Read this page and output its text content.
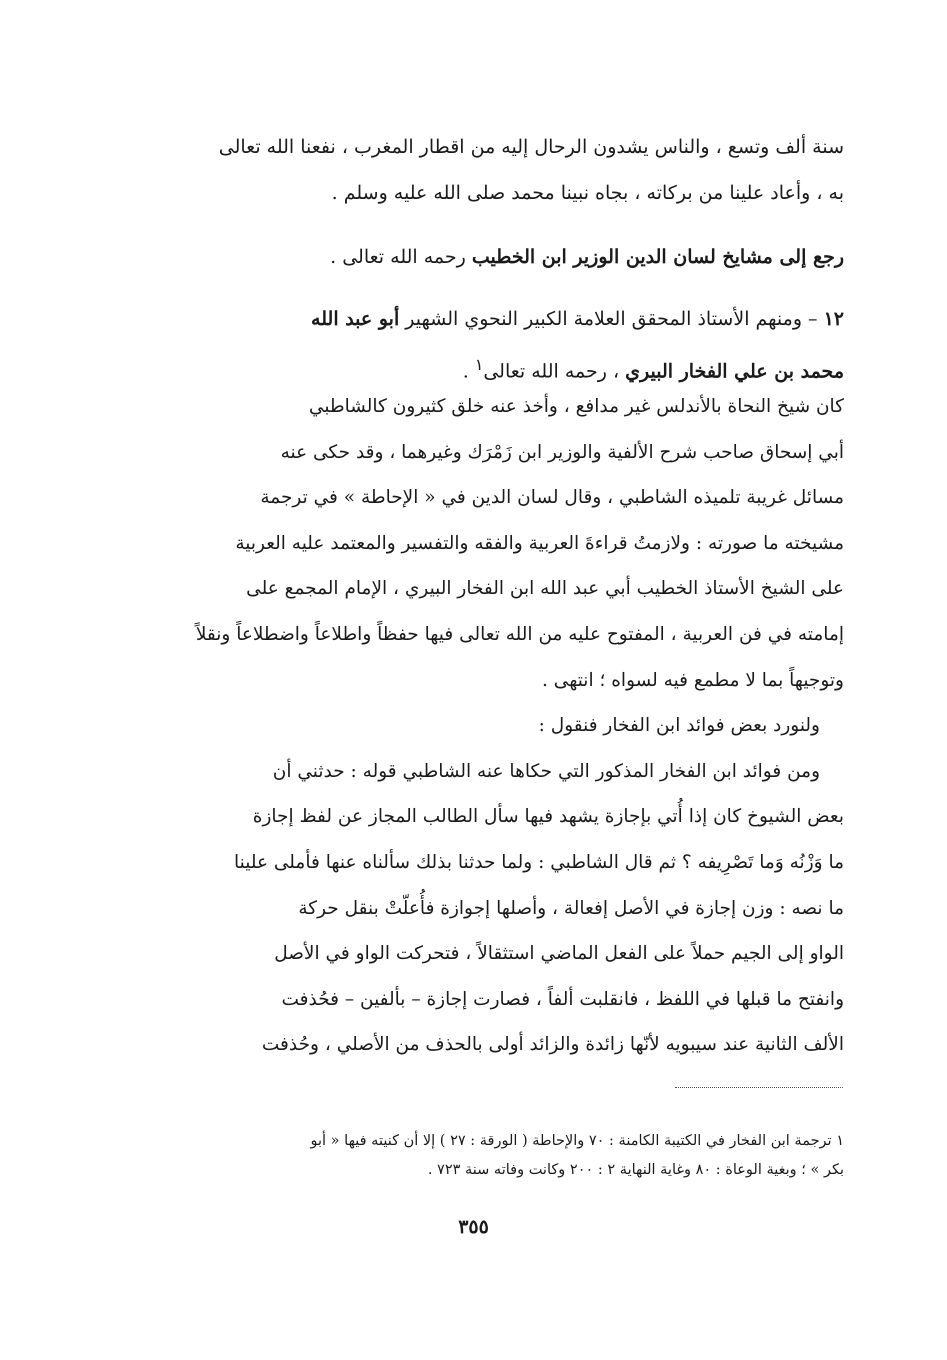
سنة ألف وتسع ، والناس يشدون الرحال إليه من اقطار المغرب ، نفعنا الله تعالى
به ، وأعاد علينا من بركاته ، بجاه نبينا محمد صلى الله عليه وسلم .
رجع إلى مشايخ لسان الدين الوزير ابن الخطيب رحمه الله تعالى .
١٢ – ومنهم الأستاذ المحقق العلامة الكبير النحوي الشهير أبو عبد الله
محمد بن علي الفخار البيري ، رحمه الله تعالى$^١$ .
كان شيخ النحاة بالأندلس غير مدافع ، وأخذ عنه خلق كثيرون كالشاطبي
أبي إسحاق صاحب شرح الألفية والوزير ابن زَمْرَك وغيرهما ، وقد حكى عنه
مسائل غريبة تلميذه الشاطبي ، وقال لسان الدين في « الإحاطة » في ترجمة
مشيخته ما صورته : ولازمتُ قراءةَ العربية والفقه والتفسير والمعتمد عليه العربية
على الشيخ الأستاذ الخطيب أبي عبد الله ابن الفخار البيري ، الإمام المجمع على
إمامته في فن العربية ، المفتوح عليه من الله تعالى فيها حفظاً واطلاعاً واضطلاعاً ونقلاً
وتوجيهاً بما لا مطمع فيه لسواه ؛ انتهى .
ولنورد بعض فوائد ابن الفخار فنقول :
ومن فوائد ابن الفخار المذكور التي حكاها عنه الشاطبي قوله : حدثني أن
بعض الشيوخ كان إذا أُتي بإجازة يشهد فيها سأل الطالب المجاز عن لفظ إجازة
ما وَزْنُه وَما تَصْرِيفه ؟ ثم قال الشاطبي : ولما حدثنا بذلك سألناه عنها فأملى علينا
ما نصه : وزن إجازة في الأصل إفعالة ، وأصلها إجوازة فأُعلّتْ بنقل حركة
الواو إلى الجيم حملاً على الفعل الماضي استثقالاً ، فتحركت الواو في الأصل
وانفتح ما قبلها في اللفظ ، فانقلبت ألفاً ، فصارت إجازة – بألفين – فحُذفت
الألف الثانية عند سيبويه لأنّها زائدة والزائد أولى بالحذف من الأصلي ، وحُذفت
١ ترجمة ابن الفخار في الكتيبة الكامنة : ٧٠ والإحاطة ( الورقة : ٢٧ ) إلا أن كنيته فيها « أبو
بكر » ؛ وبغية الوعاة : ٨٠ وغاية النهاية ٢ : ٢٠٠ وكانت وفاته سنة ٧٢٣ .
٣٥٥
